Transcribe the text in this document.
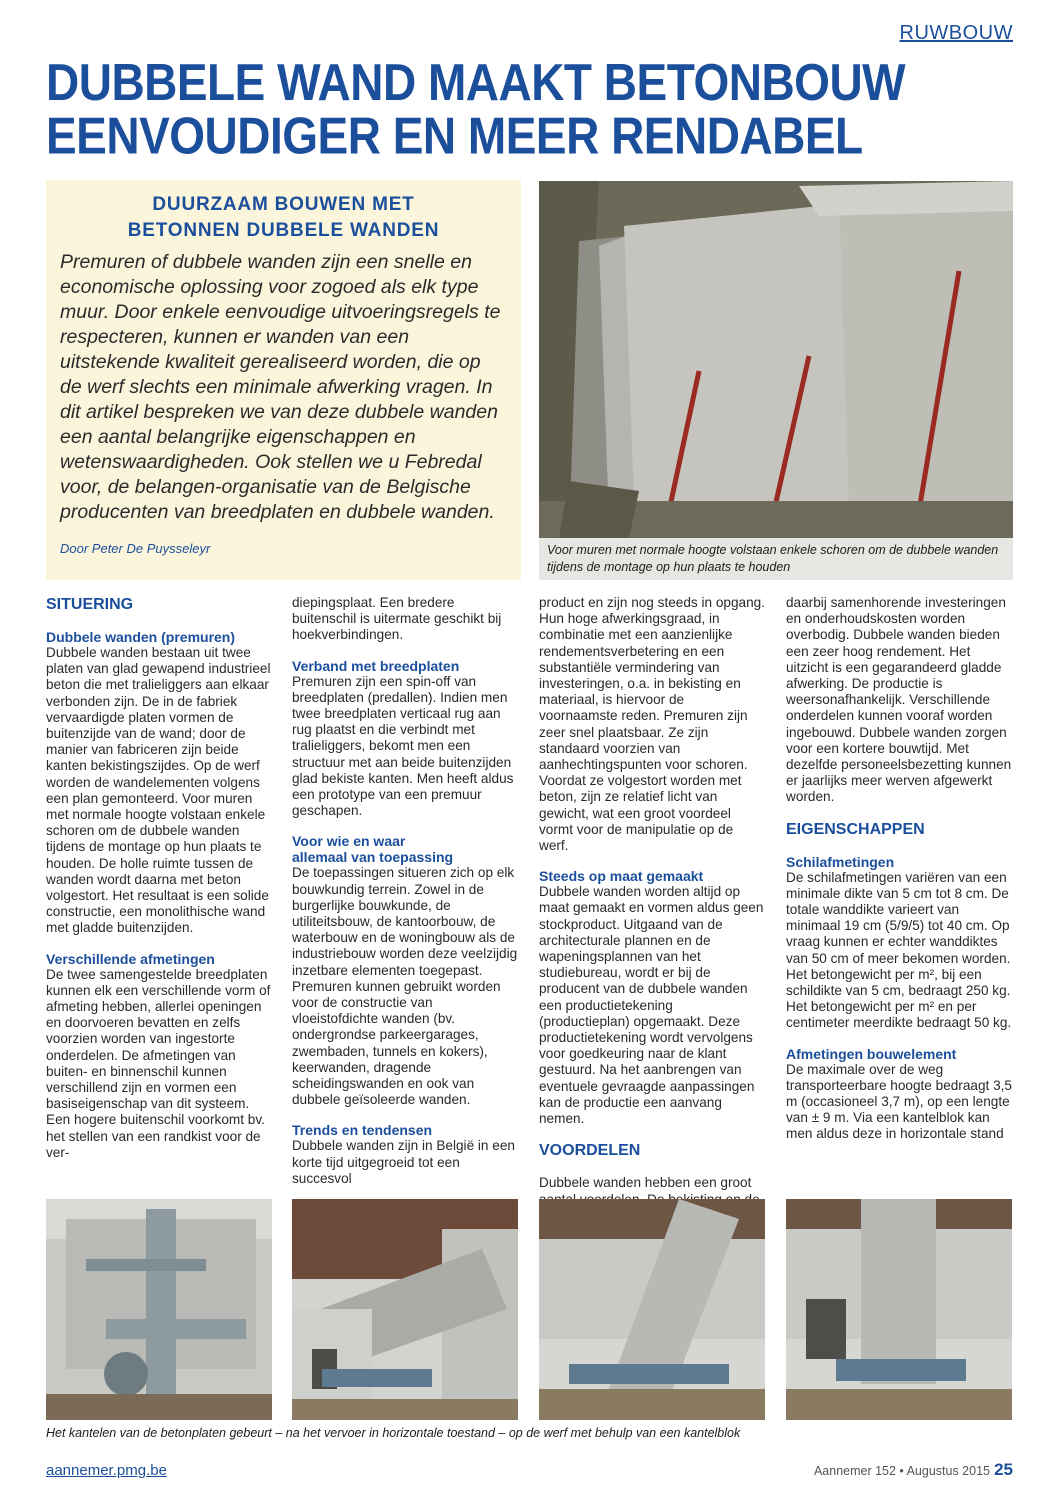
RUWBOUW
DUBBELE WAND MAAKT BETONBOUW
EENVOUDIGER EN MEER RENDABEL
DUURZAAM BOUWEN MET
BETONNEN DUBBELE WANDEN

Premuren of dubbele wanden zijn een snelle en economische oplossing voor zogoed als elk type muur. Door enkele eenvoudige uitvoeringsregels te respecteren, kunnen er wanden van een uitstekende kwaliteit gerealiseerd worden, die op de werf slechts een minimale afwerking vragen. In dit artikel bespreken we van deze dubbele wanden een aantal belangrijke eigenschappen en wetenswaardigheden. Ook stellen we u Febredal voor, de belangen-organisatie van de Belgische producenten van breedplaten en dubbele wanden.

Door Peter De Puysseleyr	Voor muren met normale hoogte volstaan enkele schoren om de dubbele wanden tijdens de montage op hun plaats te houden

SITUERING

Dubbele wanden (premuren)

Dubbele wanden bestaan uit twee platen van glad gewapend industrieel beton die met tralieliggers aan elkaar verbonden zijn. De in de fabriek vervaardigde platen vormen de buitenzijde van de wand; door de manier van fabriceren zijn beide kanten bekistingszijdes. Op de werf worden de wandelementen volgens een plan gemonteerd. Voor muren met normale hoogte volstaan enkele schoren om de dubbele wanden tijdens de montage op hun plaats te houden. De holle ruimte tussen de wanden wordt daarna met beton volgestort. Het resultaat is een solide constructie, een monolithische wand met gladde buitenzijden.

Verschillende afmetingen

De twee samengestelde breedplaten kunnen elk een verschillende vorm of afmeting hebben, allerlei openingen en doorvoeren bevatten en zelfs voorzien worden van ingestorte onderdelen. De afmetingen van buiten- en binnenschil kunnen verschillend zijn en vormen een basiseigenschap van dit systeem. Een hogere buitenschil voorkomt bv. het stellen van een randkist voor de ver-

diepingsplaat. Een bredere buitenschil is uitermate geschikt bij hoekverbindingen.

Verband met breedplaten

Premuren zijn een spin-off van breedplaten (predallen). Indien men twee breedplaten verticaal rug aan rug plaatst en die verbindt met tralieliggers, bekomt men een structuur met aan beide buitenzijden glad bekiste kanten. Men heeft aldus een prototype van een premuur geschapen.

Voor wie en waar

allemaal van toepassing

De toepassingen situeren zich op elk bouwkundig terrein. Zowel in de burgerlijke bouwkunde, de utiliteitsbouw, de kantoorbouw, de waterbouw en de woningbouw als de industriebouw worden deze veelzijdig inzetbare elementen toegepast. Premuren kunnen gebruikt worden voor de constructie van vloeistofdichte wanden (bv. ondergrondse parkeergarages, zwembaden, tunnels en kokers), keerwanden, dragende scheidingswanden en ook van dubbele geïsoleerde wanden.

Trends en tendensen

Dubbele wanden zijn in België in een korte tijd uitgegroeid tot een succesvol

product en zijn nog steeds in opgang. Hun hoge afwerkingsgraad, in combinatie met een aanzienlijke rendementsverbetering en een substantiële vermindering van investeringen, o.a. in bekisting en materiaal, is hiervoor de voornaamste reden. Premuren zijn zeer snel plaatsbaar. Ze zijn standaard voorzien van aanhechtingspunten voor schoren. Voordat ze volgestort worden met beton, zijn ze relatief licht van gewicht, wat een groot voordeel vormt voor de manipulatie op de werf.

Steeds op maat gemaakt

Dubbele wanden worden altijd op maat gemaakt en vormen aldus geen stockproduct. Uitgaand van de architecturale plannen en de wapeningsplannen van het studiebureau, wordt er bij de producent van de dubbele wanden een productietekening (productieplan) opgemaakt. Deze productietekening wordt vervolgens voor goedkeuring naar de klant gestuurd. Na het aanbrengen van eventuele gevraagde aanpassingen kan de productie een aanvang nemen.

VOORDELEN

Dubbele wanden hebben een groot

daarbij samenhorende investeringen en onderhoudskosten worden overbodig. Dubbele wanden bieden een zeer hoog rendement. Het uitzicht is een gegarandeerd gladde afwerking. De productie is weersonafhankelijk. Verschillende onderdelen kunnen vooraf worden ingebouwd. Dubbele wanden zorgen voor een kortere bouwtijd. Met dezelfde personeelsbezetting kunnen er jaarlijks meer werven afgewerkt worden.

EIGENSCHAPPEN

Schilafmetingen

De schilafmetingen variëren van een minimale dikte van 5 cm tot 8 cm. De totale wanddikte varieert van minimaal 19 cm (5/9/5) tot 40 cm. Op vraag kunnen er echter wanddiktes van 50 cm of meer bekomen worden. Het betongewicht per m², bij een schildikte van 5 cm, bedraagt 250 kg. Het betongewicht per m² en per centimeter meerdikte bedraagt 50 kg.

Afmetingen bouwelement

De maximale over de weg transporteerbare hoogte bedraagt 3,5 m (occasioneel 3,7 m), op een lengte van ± 9 m. Via een kantelblok kan men aldus deze in horizontale stand

Het kantelen van de betonplaten gebeurt – na het vervoer in horizontale toestand – op de werf met behulp van een kantelblok
aannemer.pmg.be	Aannemer 152 • Augustus 2015 25
